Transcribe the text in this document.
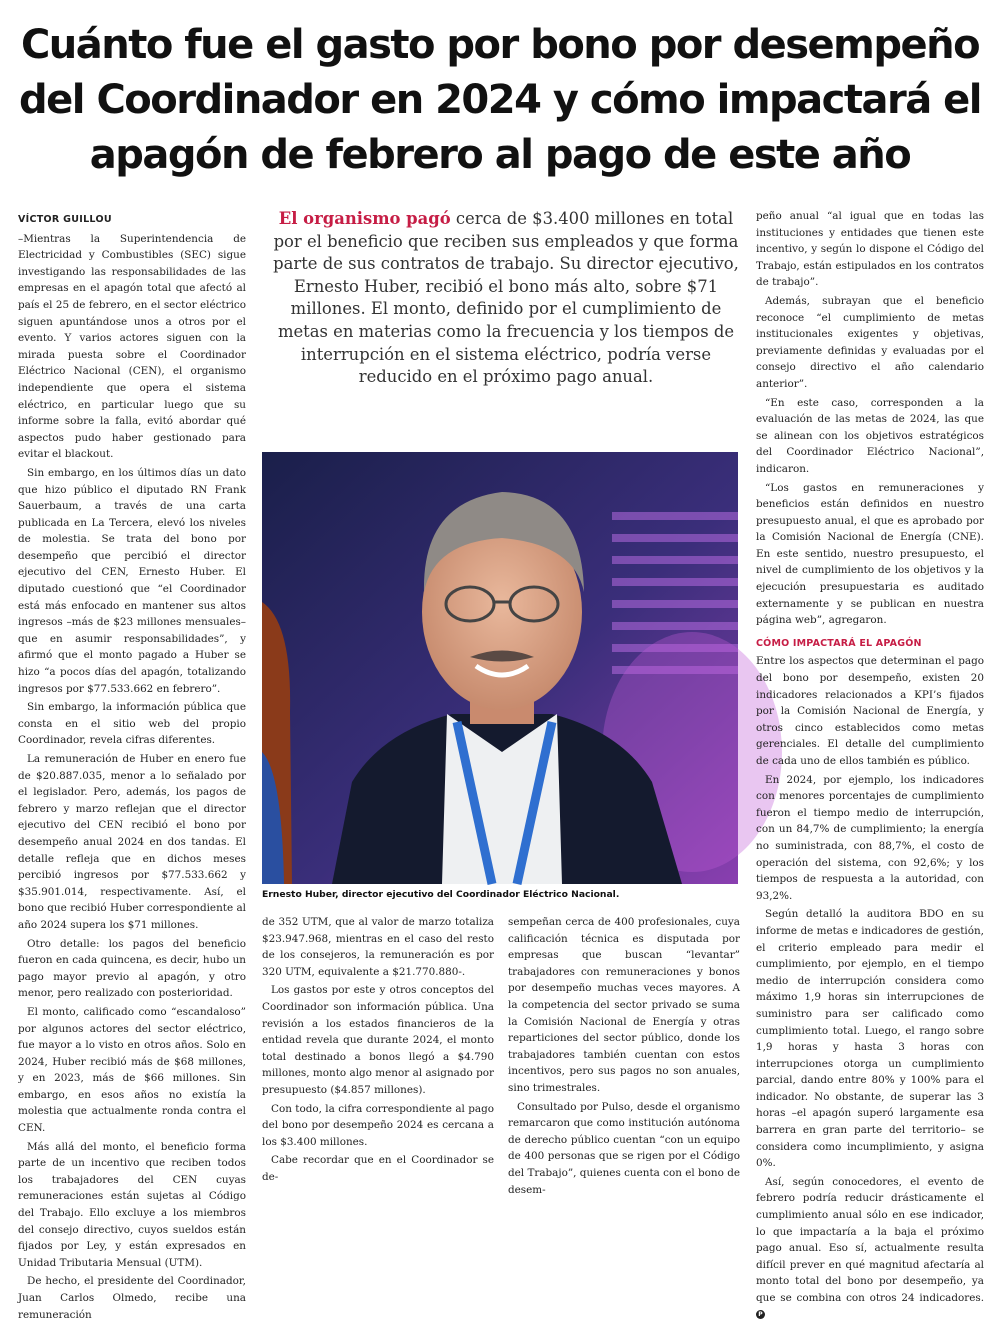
Cuánto fue el gasto por bono por desempeño del Coordinador en 2024 y cómo impactará el apagón de febrero al pago de este año
VÍCTOR GUILLOU

–Mientras la Superintendencia de Electricidad y Combustibles (SEC) sigue investigando las responsabilidades de las empresas en el apagón total que afectó al país el 25 de febrero, en el sector eléctrico siguen apuntándose unos a otros por el evento. Y varios actores siguen con la mirada puesta sobre el Coordinador Eléctrico Nacional (CEN), el organismo independiente que opera el sistema eléctrico, en particular luego que su informe sobre la falla, evitó abordar qué aspectos pudo haber gestionado para evitar el blackout.

Sin embargo, en los últimos días un dato que hizo público el diputado RN Frank Sauerbaum, a través de una carta publicada en La Tercera, elevó los niveles de molestia. Se trata del bono por desempeño que percibió el director ejecutivo del CEN, Ernesto Huber. El diputado cuestionó que “el Coordinador está más enfocado en mantener sus altos ingresos –más de $23 millones mensuales– que en asumir responsabilidades”, y afirmó que el monto pagado a Huber se hizo “a pocos días del apagón, totalizando ingresos por $77.533.662 en febrero”.

Sin embargo, la información pública que consta en el sitio web del propio Coordinador, revela cifras diferentes.

La remuneración de Huber en enero fue de $20.887.035, menor a lo señalado por el legislador. Pero, además, los pagos de febrero y marzo reflejan que el director ejecutivo del CEN recibió el bono por desempeño anual 2024 en dos tandas. El detalle refleja que en dichos meses percibió ingresos por $77.533.662 y $35.901.014, respectivamente. Así, el bono que recibió Huber correspondiente al año 2024 supera los $71 millones.

Otro detalle: los pagos del beneficio fueron en cada quincena, es decir, hubo un pago mayor previo al apagón, y otro menor, pero realizado con posterioridad.

El monto, calificado como “escandaloso” por algunos actores del sector eléctrico, fue mayor a lo visto en otros años. Solo en 2024, Huber recibió más de $68 millones, y en 2023, más de $66 millones. Sin embargo, en esos años no existía la molestia que actualmente ronda contra el CEN.

Más allá del monto, el beneficio forma parte de un incentivo que reciben todos los trabajadores del CEN cuyas remuneraciones están sujetas al Código del Trabajo. Ello excluye a los miembros del consejo directivo, cuyos sueldos están fijados por Ley, y están expresados en Unidad Tributaria Mensual (UTM).

De hecho, el presidente del Coordinador, Juan Carlos Olmedo, recibe una remuneración

El organismo pagó cerca de $3.400 millones en total por el beneficio que reciben sus empleados y que forma parte de sus contratos de trabajo. Su director ejecutivo, Ernesto Huber, recibió el bono más alto, sobre $71 millones. El monto, definido por el cumplimiento de metas en materias como la frecuencia y los tiempos de interrupción en el sistema eléctrico, podría verse reducido en el próximo pago anual.

Ernesto Huber, director ejecutivo del Coordinador Eléctrico Nacional.

de 352 UTM, que al valor de marzo totaliza $23.947.968, mientras en el caso del resto de los consejeros, la remuneración es por 320 UTM, equivalente a $21.770.880-.

Los gastos por este y otros conceptos del Coordinador son información pública. Una revisión a los estados financieros de la entidad revela que durante 2024, el monto total destinado a bonos llegó a $4.790 millones, monto algo menor al asignado por presupuesto ($4.857 millones).

Con todo, la cifra correspondiente al pago del bono por desempeño 2024 es cercana a los $3.400 millones.

Cabe recordar que en el Coordinador se de-

sempeñan cerca de 400 profesionales, cuya calificación técnica es disputada por empresas que buscan “levantar” trabajadores con remuneraciones y bonos por desempeño muchas veces mayores. A la competencia del sector privado se suma la Comisión Nacional de Energía y otras reparticiones del sector público, donde los trabajadores también cuentan con estos incentivos, pero sus pagos no son anuales, sino trimestrales.

Consultado por Pulso, desde el organismo remarcaron que como institución autónoma de derecho público cuentan “con un equipo de 400 personas que se rigen por el Código del Trabajo”, quienes cuenta con el bono de desem-

peño anual “al igual que en todas las instituciones y entidades que tienen este incentivo, y según lo dispone el Código del Trabajo, están estipulados en los contratos de trabajo”.

Además, subrayan que el beneficio reconoce “el cumplimiento de metas institucionales exigentes y objetivas, previamente definidas y evaluadas por el consejo directivo el año calendario anterior”.

“En este caso, corresponden a la evaluación de las metas de 2024, las que se alinean con los objetivos estratégicos del Coordinador Eléctrico Nacional”, indicaron.

“Los gastos en remuneraciones y beneficios están definidos en nuestro presupuesto anual, el que es aprobado por la Comisión Nacional de Energía (CNE). En este sentido, nuestro presupuesto, el nivel de cumplimiento de los objetivos y la ejecución presupuestaria es auditado externamente y se publican en nuestra página web”, agregaron.

CÓMO IMPACTARÁ EL APAGÓN

Entre los aspectos que determinan el pago del bono por desempeño, existen 20 indicadores relacionados a KPI’s fijados por la Comisión Nacional de Energía, y otros cinco establecidos como metas gerenciales. El detalle del cumplimiento de cada uno de ellos también es público.

En 2024, por ejemplo, los indicadores con menores porcentajes de cumplimiento fueron el tiempo medio de interrupción, con un 84,7% de cumplimiento; la energía no suministrada, con 88,7%, el costo de operación del sistema, con 92,6%; y los tiempos de respuesta a la autoridad, con 93,2%.

Según detalló la auditora BDO en su informe de metas e indicadores de gestión, el criterio empleado para medir el cumplimiento, por ejemplo, en el tiempo medio de interrupción considera como máximo 1,9 horas sin interrupciones de suministro para ser calificado como cumplimiento total. Luego, el rango sobre 1,9 horas y hasta 3 horas con interrupciones otorga un cumplimiento parcial, dando entre 80% y 100% para el indicador. No obstante, de superar las 3 horas –el apagón superó largamente esa barrera en gran parte del territorio– se considera como incumplimiento, y asigna 0%.

Así, según conocedores, el evento de febrero podría reducir drásticamente el cumplimiento anual sólo en ese indicador, lo que impactaría a la baja el próximo pago anual. Eso sí, actualmente resulta difícil prever en qué magnitud afectaría al monto total del bono por desempeño, ya que se combina con otros 24 indicadores. P
